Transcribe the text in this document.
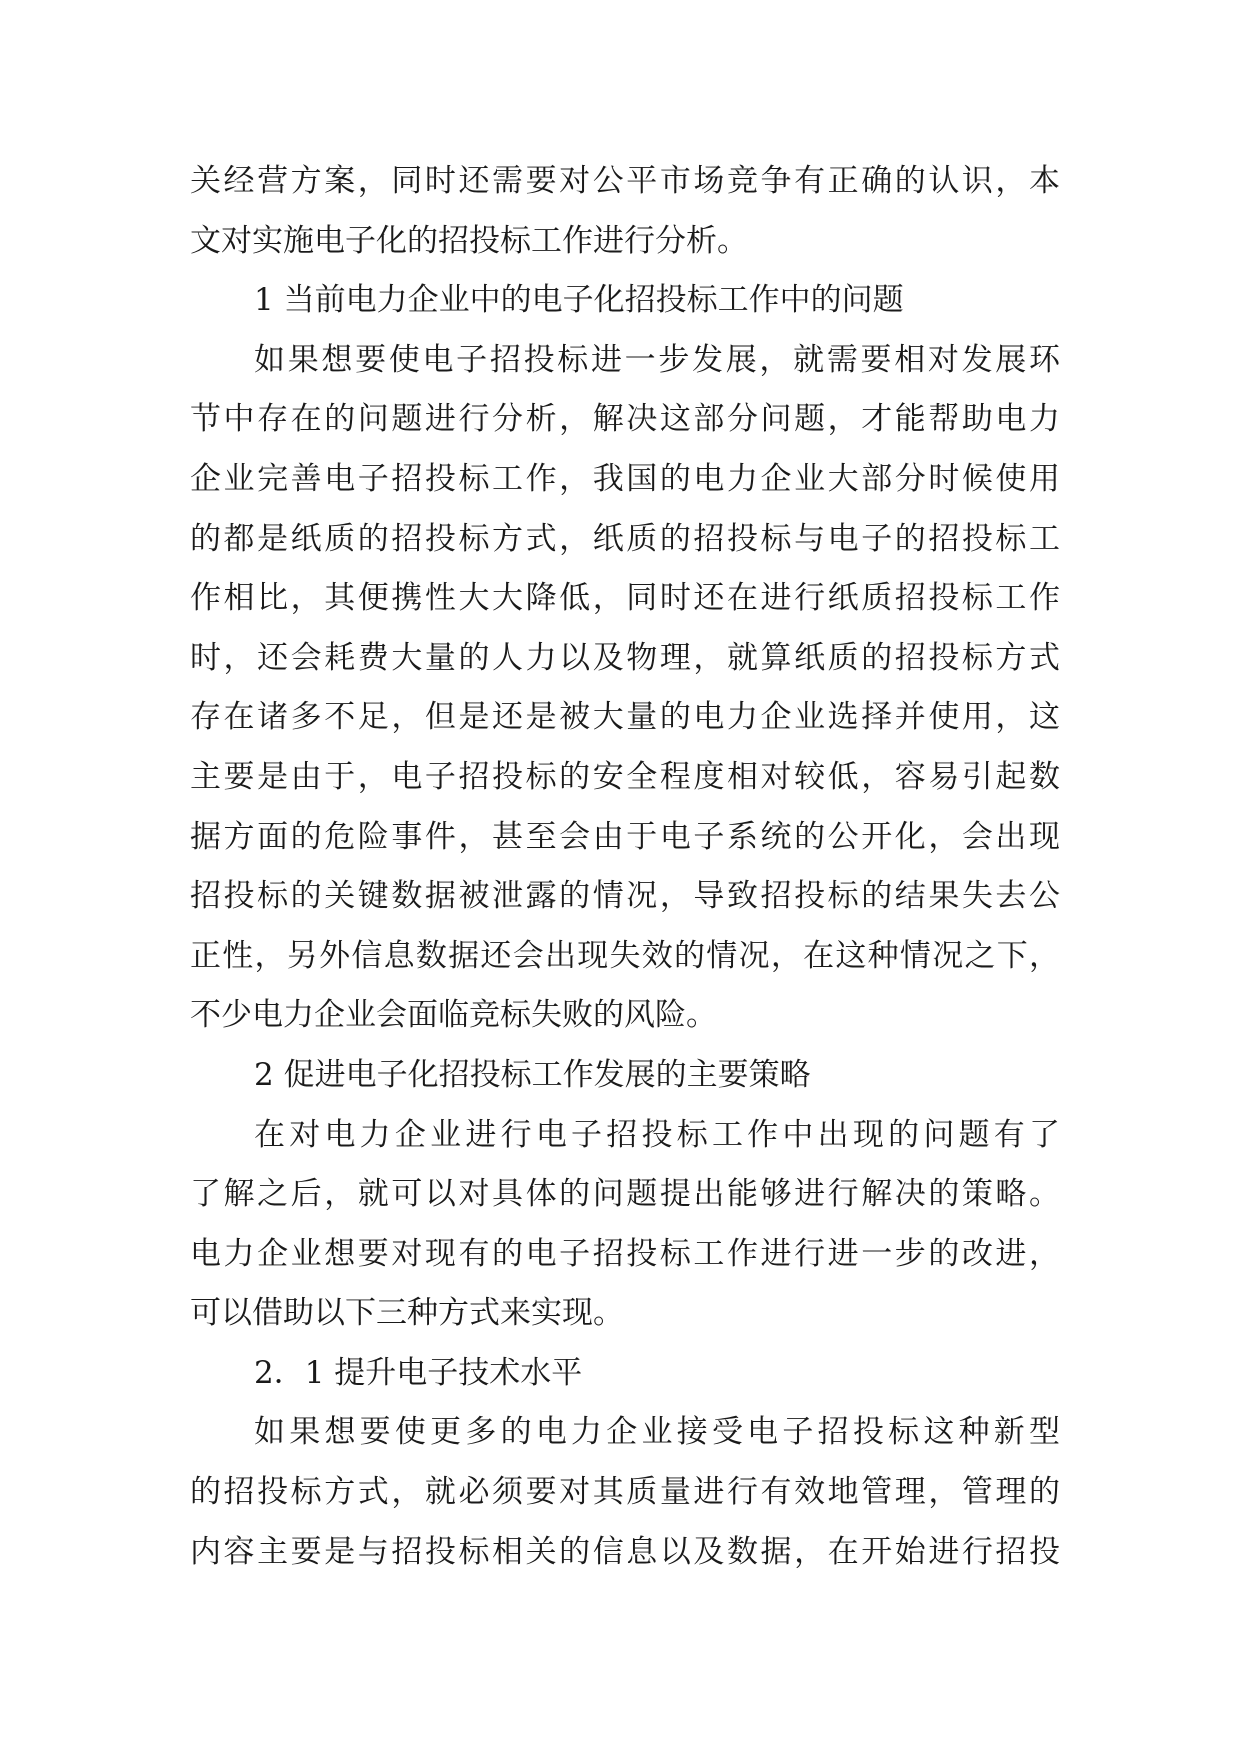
关经营方案，同时还需要对公平市场竞争有正确的认识，本
文对实施电子化的招投标工作进行分析。
1 当前电力企业中的电子化招投标工作中的问题
如果想要使电子招投标进一步发展，就需要相对发展环
节中存在的问题进行分析，解决这部分问题，才能帮助电力
企业完善电子招投标工作，我国的电力企业大部分时候使用
的都是纸质的招投标方式，纸质的招投标与电子的招投标工
作相比，其便携性大大降低，同时还在进行纸质招投标工作
时，还会耗费大量的人力以及物理，就算纸质的招投标方式
存在诸多不足，但是还是被大量的电力企业选择并使用，这
主要是由于，电子招投标的安全程度相对较低，容易引起数
据方面的危险事件，甚至会由于电子系统的公开化，会出现
招投标的关键数据被泄露的情况，导致招投标的结果失去公
正性，另外信息数据还会出现失效的情况，在这种情况之下，
不少电力企业会面临竞标失败的风险。
2 促进电子化招投标工作发展的主要策略
在对电力企业进行电子招投标工作中出现的问题有了
了解之后，就可以对具体的问题提出能够进行解决的策略。
电力企业想要对现有的电子招投标工作进行进一步的改进，
可以借助以下三种方式来实现。
2．1 提升电子技术水平
如果想要使更多的电力企业接受电子招投标这种新型
的招投标方式，就必须要对其质量进行有效地管理，管理的
内容主要是与招投标相关的信息以及数据，在开始进行招投
